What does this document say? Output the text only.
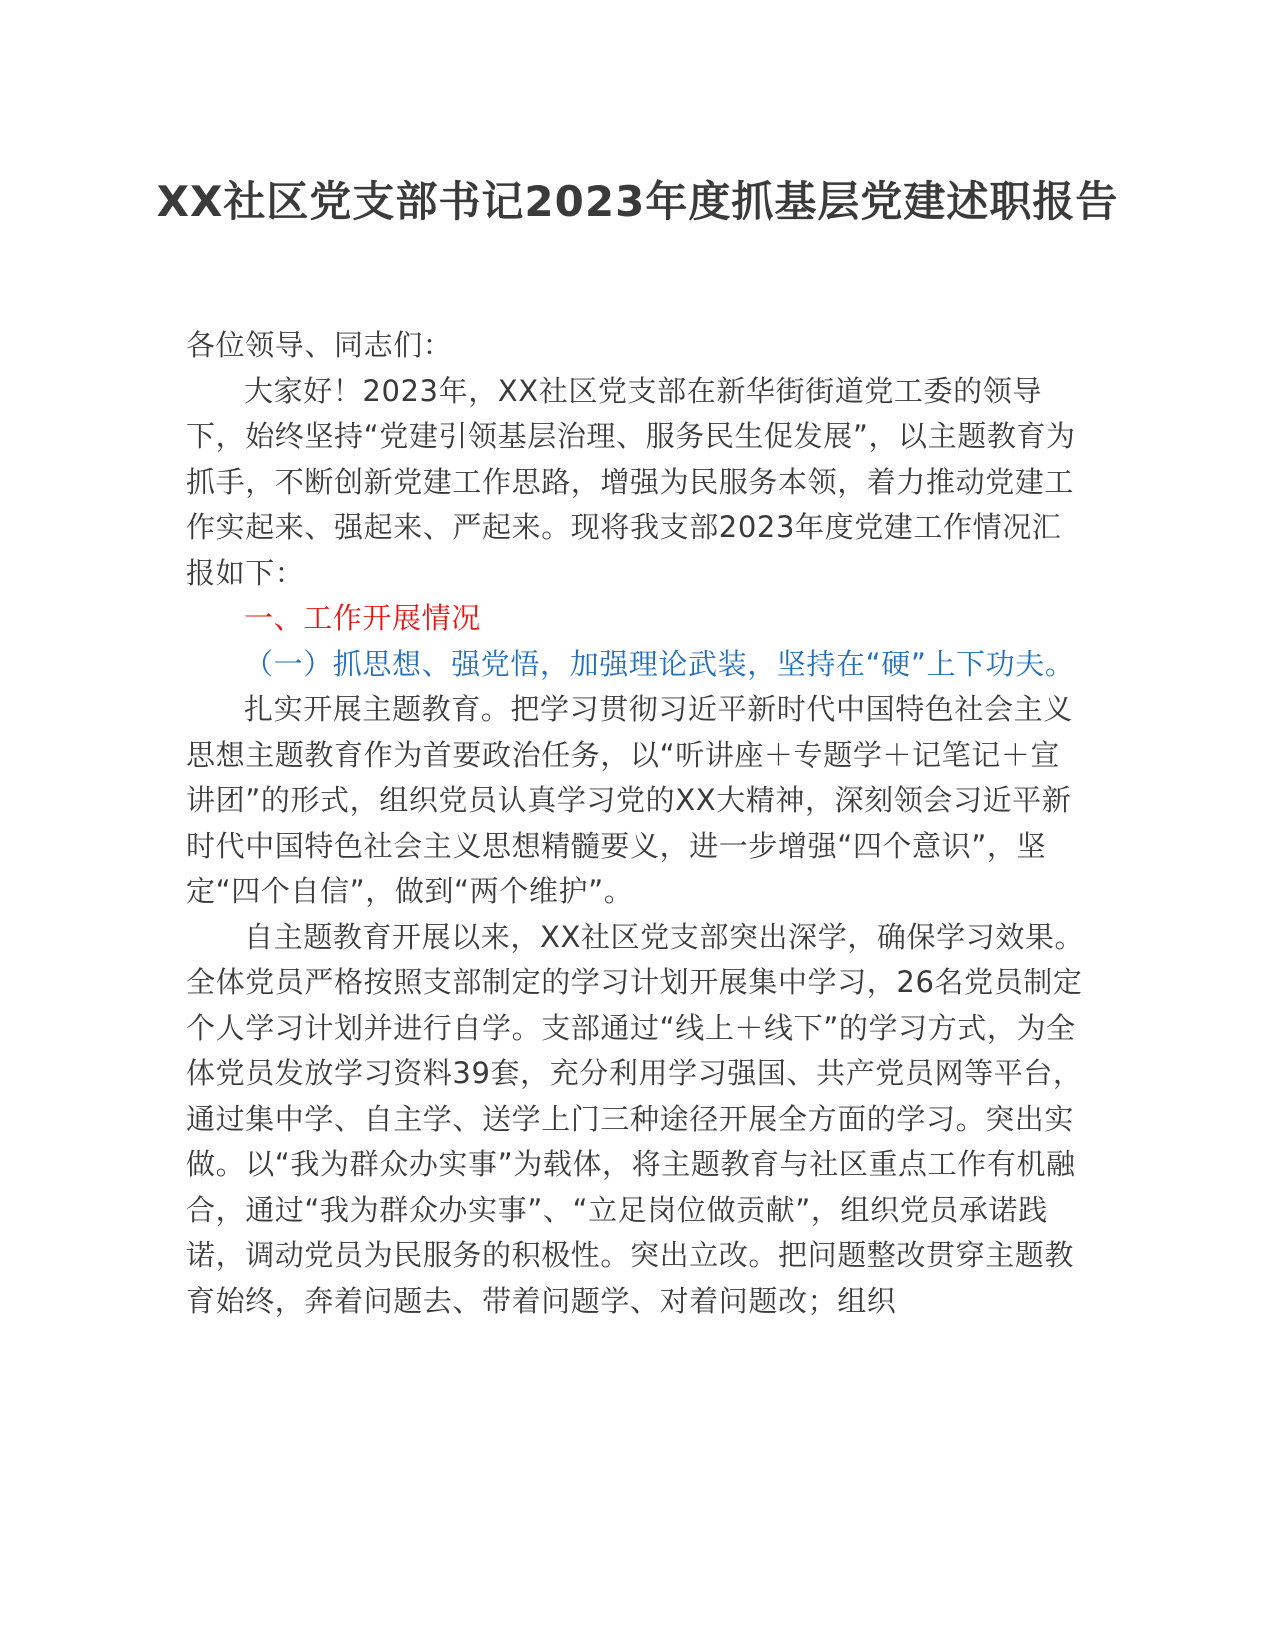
XX社区党支部书记2023年度抓基层党建述职报告

各位领导、同志们：

大家好！2023年，XX社区党支部在新华街街道党工委的领导下，始终坚持“党建引领基层治理、服务民生促发展”，以主题教育为抓手，不断创新党建工作思路，增强为民服务本领，着力推动党建工作实起来、强起来、严起来。现将我支部2023年度党建工作情况汇报如下：

一、工作开展情况

（一）抓思想、强党悟，加强理论武装，坚持在“硬”上下功夫。

扎实开展主题教育。把学习贯彻习近平新时代中国特色社会主义思想主题教育作为首要政治任务，以“听讲座＋专题学＋记笔记＋宣讲团”的形式，组织党员认真学习党的XX大精神，深刻领会习近平新时代中国特色社会主义思想精髓要义，进一步增强“四个意识”，坚定“四个自信”，做到“两个维护”。

自主题教育开展以来，XX社区党支部突出深学，确保学习效果。全体党员严格按照支部制定的学习计划开展集中学习，26名党员制定个人学习计划并进行自学。支部通过“线上＋线下”的学习方式，为全体党员发放学习资料39套，充分利用学习强国、共产党员网等平台，通过集中学、自主学、送学上门三种途径开展全方面的学习。突出实做。以“我为群众办实事”为载体，将主题教育与社区重点工作有机融合，通过“我为群众办实事”、“立足岗位做贡献”，组织党员承诺践诺，调动党员为民服务的积极性。突出立改。把问题整改贯穿主题教育始终，奔着问题去、带着问题学、对着问题改；组织
